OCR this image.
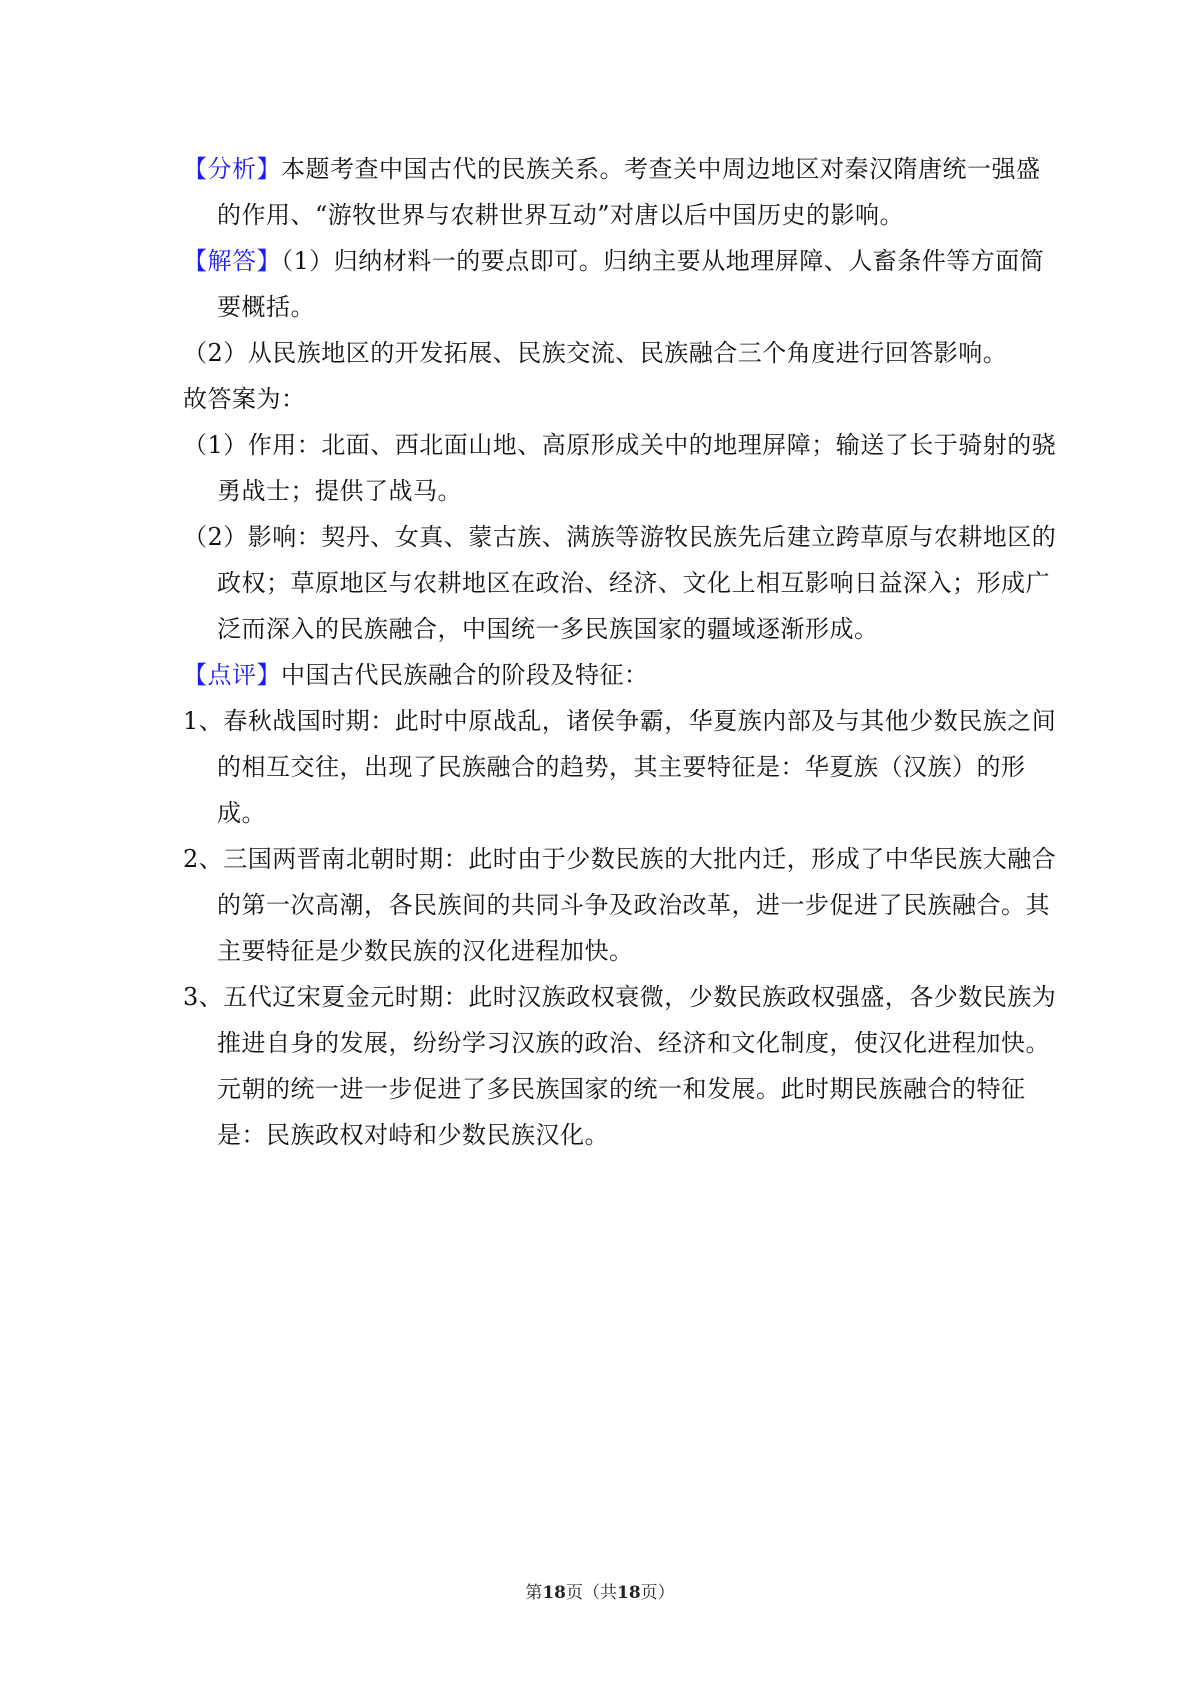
【分析】本题考查中国古代的民族关系。考查关中周边地区对秦汉隋唐统一强盛的作用、“游牧世界与农耕世界互动”对唐以后中国历史的影响。
【解答】（1）归纳材料一的要点即可。归纳主要从地理屏障、人畜条件等方面简要概括。
（2）从民族地区的开发拓展、民族交流、民族融合三个角度进行回答影响。
故答案为：
（1）作用：北面、西北面山地、高原形成关中的地理屏障；输送了长于骑射的骁勇战士；提供了战马。
（2）影响：契丹、女真、蒙古族、满族等游牧民族先后建立跨草原与农耕地区的政权；草原地区与农耕地区在政治、经济、文化上相互影响日益深入；形成广泛而深入的民族融合，中国统一多民族国家的疆域逐渐形成。
【点评】中国古代民族融合的阶段及特征：
1、春秋战国时期：此时中原战乱，诸侯争霸，华夏族内部及与其他少数民族之间的相互交往，出现了民族融合的趋势，其主要特征是：华夏族（汉族）的形成。
2、三国两晋南北朝时期：此时由于少数民族的大批内迁，形成了中华民族大融合的第一次高潮，各民族间的共同斗争及政治改革，进一步促进了民族融合。其主要特征是少数民族的汉化进程加快。
3、五代辽宋夏金元时期：此时汉族政权衰微，少数民族政权强盛，各少数民族为推进自身的发展，纷纷学习汉族的政治、经济和文化制度，使汉化进程加快。元朝的统一进一步促进了多民族国家的统一和发展。此时期民族融合的特征是：民族政权对峙和少数民族汉化。
第18页（共18页）
